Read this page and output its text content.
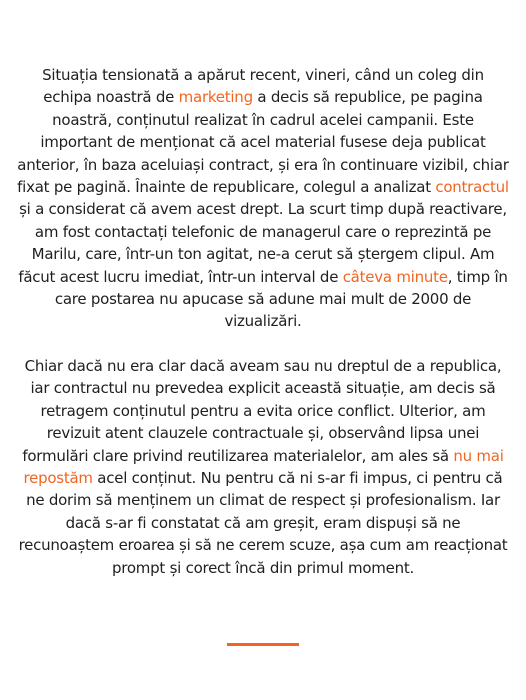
Situația tensionată a apărut recent, vineri, când un coleg din echipa noastră de marketing a decis să republice, pe pagina noastră, conținutul realizat în cadrul acelei campanii. Este important de menționat că acel material fusese deja publicat anterior, în baza aceluiași contract, și era în continuare vizibil, chiar fixat pe pagină. Înainte de republicare, colegul a analizat contractul și a considerat că avem acest drept. La scurt timp după reactivare, am fost contactați telefonic de managerul care o reprezintă pe Marilu, care, într-un ton agitat, ne-a cerut să ștergem clipul. Am făcut acest lucru imediat, într-un interval de câteva minute, timp în care postarea nu apucase să adune mai mult de 2000 de vizualizări.

Chiar dacă nu era clar dacă aveam sau nu dreptul de a republica, iar contractul nu prevedea explicit această situație, am decis să retragem conținutul pentru a evita orice conflict. Ulterior, am revizuit atent clauzele contractuale și, observând lipsa unei formulări clare privind reutilizarea materialelor, am ales să nu mai repostăm acel conținut. Nu pentru că ni s-ar fi impus, ci pentru că ne dorim să menținem un climat de respect și profesionalism. Iar dacă s-ar fi constatat că am greșit, eram dispuși să ne recunoaștem eroarea și să ne cerem scuze, așa cum am reacționat prompt și corect încă din primul moment.
